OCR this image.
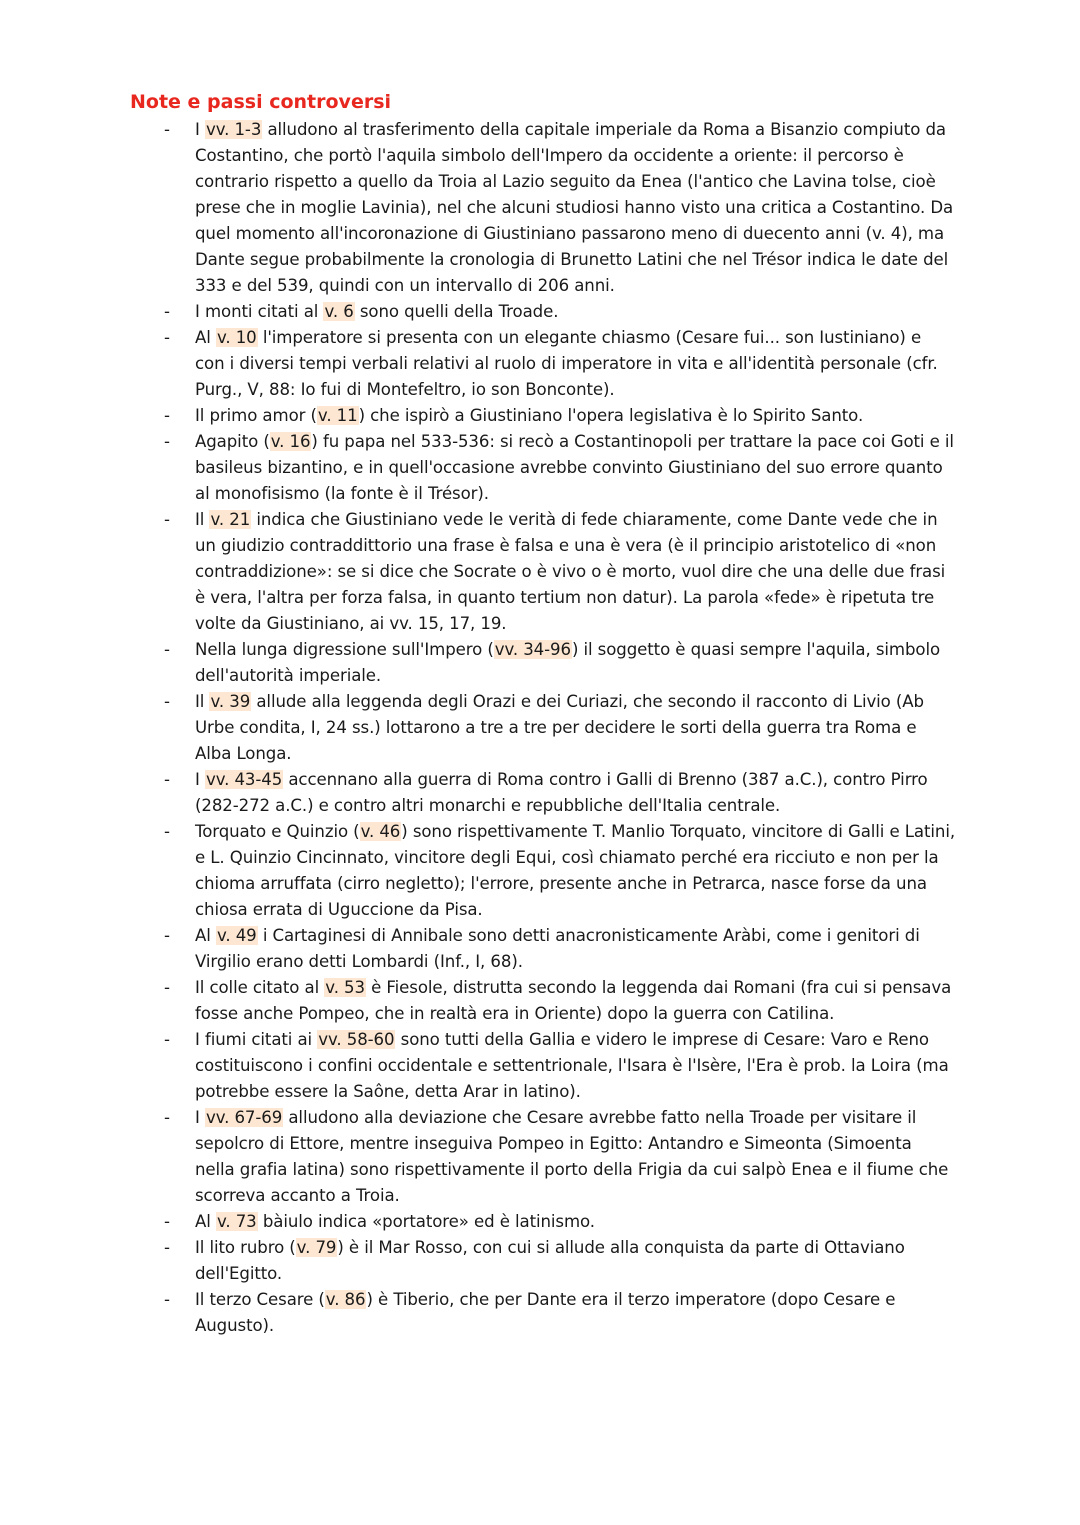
Note e passi controversi
- I vv. 1-3 alludono al trasferimento della capitale imperiale da Roma a Bisanzio compiuto da Costantino, che portò l'aquila simbolo dell'Impero da occidente a oriente: il percorso è contrario rispetto a quello da Troia al Lazio seguito da Enea (l'antico che Lavina tolse, cioè prese che in moglie Lavinia), nel che alcuni studiosi hanno visto una critica a Costantino. Da quel momento all'incoronazione di Giustiniano passarono meno di duecento anni (v. 4), ma Dante segue probabilmente la cronologia di Brunetto Latini che nel Trésor indica le date del 333 e del 539, quindi con un intervallo di 206 anni.
- I monti citati al v. 6 sono quelli della Troade.
- Al v. 10 l'imperatore si presenta con un elegante chiasmo (Cesare fui... son Iustiniano) e con i diversi tempi verbali relativi al ruolo di imperatore in vita e all'identità personale (cfr. Purg., V, 88: Io fui di Montefeltro, io son Bonconte).
- Il primo amor (v. 11) che ispirò a Giustiniano l'opera legislativa è lo Spirito Santo.
- Agapito (v. 16) fu papa nel 533-536: si recò a Costantinopoli per trattare la pace coi Goti e il basileus bizantino, e in quell'occasione avrebbe convinto Giustiniano del suo errore quanto al monofisismo (la fonte è il Trésor).
- Il v. 21 indica che Giustiniano vede le verità di fede chiaramente, come Dante vede che in un giudizio contraddittorio una frase è falsa e una è vera (è il principio aristotelico di «non contraddizione»: se si dice che Socrate o è vivo o è morto, vuol dire che una delle due frasi è vera, l'altra per forza falsa, in quanto tertium non datur). La parola «fede» è ripetuta tre volte da Giustiniano, ai vv. 15, 17, 19.
- Nella lunga digressione sull'Impero (vv. 34-96) il soggetto è quasi sempre l'aquila, simbolo dell'autorità imperiale.
- Il v. 39 allude alla leggenda degli Orazi e dei Curiazi, che secondo il racconto di Livio (Ab Urbe condita, I, 24 ss.) lottarono a tre a tre per decidere le sorti della guerra tra Roma e Alba Longa.
- I vv. 43-45 accennano alla guerra di Roma contro i Galli di Brenno (387 a.C.), contro Pirro (282-272 a.C.) e contro altri monarchi e repubbliche dell'Italia centrale.
- Torquato e Quinzio (v. 46) sono rispettivamente T. Manlio Torquato, vincitore di Galli e Latini, e L. Quinzio Cincinnato, vincitore degli Equi, così chiamato perché era ricciuto e non per la chioma arruffata (cirro negletto); l'errore, presente anche in Petrarca, nasce forse da una chiosa errata di Uguccione da Pisa.
- Al v. 49 i Cartaginesi di Annibale sono detti anacronisticamente Aràbi, come i genitori di Virgilio erano detti Lombardi (Inf., I, 68).
- Il colle citato al v. 53 è Fiesole, distrutta secondo la leggenda dai Romani (fra cui si pensava fosse anche Pompeo, che in realtà era in Oriente) dopo la guerra con Catilina.
- I fiumi citati ai vv. 58-60 sono tutti della Gallia e videro le imprese di Cesare: Varo e Reno costituiscono i confini occidentale e settentrionale, l'Isara è l'Isère, l'Era è prob. la Loira (ma potrebbe essere la Saône, detta Arar in latino).
- I vv. 67-69 alludono alla deviazione che Cesare avrebbe fatto nella Troade per visitare il sepolcro di Ettore, mentre inseguiva Pompeo in Egitto: Antandro e Simeonta (Simoenta nella grafia latina) sono rispettivamente il porto della Frigia da cui salpò Enea e il fiume che scorreva accanto a Troia.
- Al v. 73 bàiulo indica «portatore» ed è latinismo.
- Il lito rubro (v. 79) è il Mar Rosso, con cui si allude alla conquista da parte di Ottaviano dell'Egitto.
- Il terzo Cesare (v. 86) è Tiberio, che per Dante era il terzo imperatore (dopo Cesare e Augusto).
